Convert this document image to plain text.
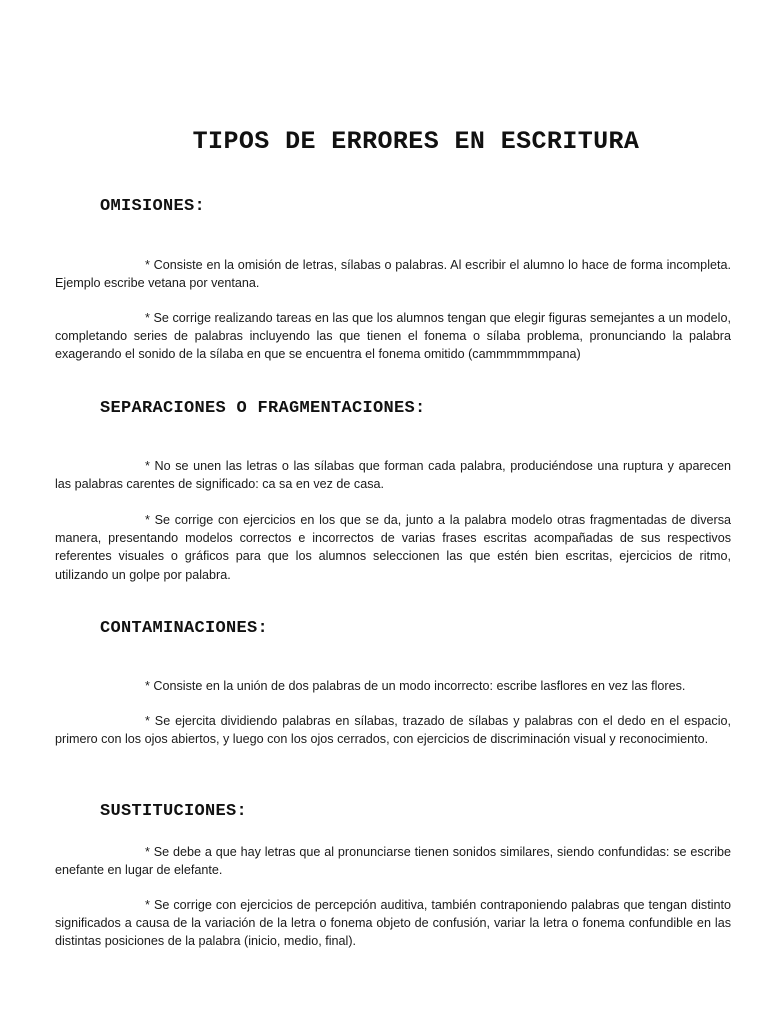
TIPOS DE ERRORES EN ESCRITURA
OMISIONES:

* Consiste en la omisión de letras, sílabas o palabras. Al escribir el alumno lo hace de forma incompleta. Ejemplo escribe vetana por ventana.

* Se corrige realizando tareas en las que los alumnos tengan que elegir figuras semejantes a un modelo, completando series de palabras incluyendo las que tienen el fonema o sílaba problema, pronunciando la palabra exagerando el sonido de la sílaba en que se encuentra el fonema omitido (cammmmmmpana)

SEPARACIONES O FRAGMENTACIONES:

* No se unen las letras o las sílabas que forman cada palabra, produciéndose una ruptura y aparecen las palabras carentes de significado: ca sa en vez de casa.

* Se corrige con ejercicios en los que se da, junto a la palabra modelo otras fragmentadas de diversa manera, presentando modelos correctos e incorrectos de varias frases escritas acompañadas de sus respectivos referentes visuales o gráficos para que los alumnos seleccionen las que estén bien escritas, ejercicios de ritmo, utilizando un golpe por palabra.

CONTAMINACIONES:

* Consiste en la unión de dos palabras de un modo incorrecto: escribe lasflores en vez las flores.

* Se ejercita dividiendo palabras en sílabas, trazado de sílabas y palabras con el dedo en el espacio, primero con los ojos abiertos, y luego con los ojos cerrados, con ejercicios de discriminación visual y reconocimiento.

SUSTITUCIONES:

* Se debe a que hay letras que al pronunciarse tienen sonidos similares, siendo confundidas: se escribe enefante en lugar de elefante.

* Se corrige con ejercicios de percepción auditiva, también contraponiendo palabras que tengan distinto significados a causa de la variación de la letra o fonema objeto de confusión, variar la letra o fonema confundible en las distintas posiciones de la palabra (inicio, medio, final).
